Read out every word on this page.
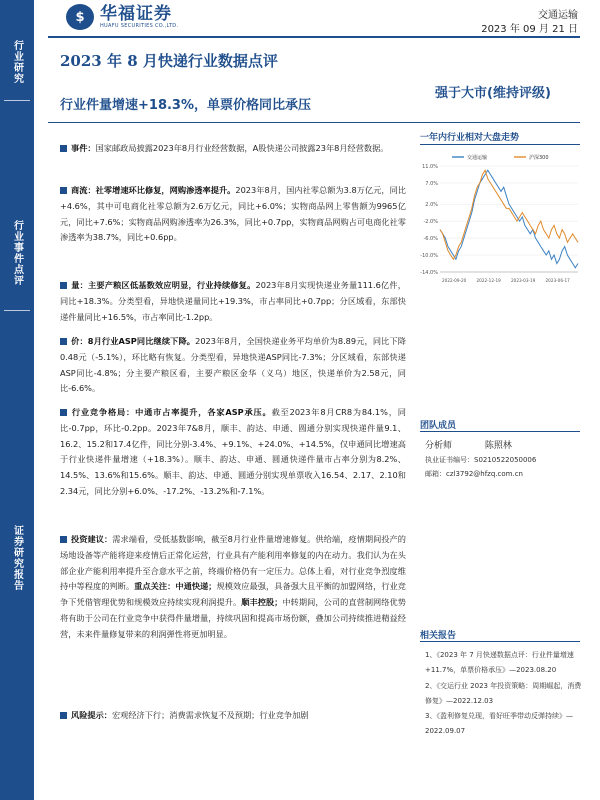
行业研究
行业事件点评
证券研究报告
$ 华福证券
HUAFU SECURITIES CO.,LTD.
交通运输
2023 年 09 月 21 日
2023 年 8 月快递行业数据点评
强于大市(维持评级)
行业件量增速+18.3%，单票价格同比承压
一年内行业相对大盘走势
11.0%
7.0%
2.0%
-2.0%
-6.0%
-10.0%
-14.0%
2022-09-20 2022-12-19 2023-03-19 2023-06-17
交通运输	沪深300
团队成员
分析师	陈照林
执业证书编号：S0210522050006
邮箱：czl3792@hfzq.com.cn
相关报告
1、《2023 年 7 月快递数据点评：行业件量增速+11.7%，单票价格承压》—2023.08.20
2、《交运行业 2023 年投资策略：周期崛起，消费修复》—2022.12.03
3、《盈利修复兑现，看好旺季带动反弹持续》—2022.09.07
事件：国家邮政局披露2023年8月行业经营数据，A股快递公司披露23年8月经营数据。
商流：社零增速环比修复，网购渗透率提升。2023年8月，国内社零总额为3.8万亿元，同比+4.6%，其中可电商化社零总额为2.6万亿元，同比+6.0%；实物商品网上零售额为9965亿元，同比+7.6%；实物商品网购渗透率为26.3%，同比+0.7pp，实物商品网购占可电商化社零渗透率为38.7%，同比+0.6pp。
量：主要产粮区低基数效应明显，行业持续修复。2023年8月实现快递业务量111.6亿件，同比+18.3%。分类型看，异地快递量同比+19.3%，市占率同比+0.7pp；分区域看，东部快递件量同比+16.5%，市占率同比-1.2pp。
价：8月行业ASP同比继续下降。2023年8月，全国快递业务平均单价为8.89元，同比下降0.48元（-5.1%），环比略有恢复。分类型看，异地快递ASP同比-7.3%；分区域看，东部快递ASP同比-4.8%；分主要产粮区看，主要产粮区金华（义乌）地区，快递单价为2.58元，同比-6.6%。
行业竞争格局：中通市占率提升，各家ASP承压。截至2023年8月CR8为84.1%，同比-0.7pp，环比-0.2pp。2023年7&8月，顺丰、韵达、申通、圆通分别实现快递件量9.1、16.2、15.2和17.4亿件，同比分别-3.4%、+9.1%、+24.0%、+14.5%，仅申通同比增速高于行业快递件量增速（+18.3%）。顺丰、韵达、申通、圆通快递件量市占率分别为8.2%、14.5%、13.6%和15.6%。顺丰、韵达、申通、圆通分别实现单票收入16.54、2.17、2.10和2.34元，同比分别+6.0%、-17.2%、-13.2%和-7.1%。
投资建议：需求端看，受低基数影响，截至8月行业件量增速修复。供给端，疫情期间投产的场地设备等产能将迎来疫情后正常化运营，行业具有产能利用率修复的内在动力。我们认为在头部企业产能利用率提升至合意水平之前，终端价格仍有一定压力。总体上看，对行业竞争烈度维持中等程度的判断。重点关注：中通快递；规模效应最强，具备强大且平衡的加盟网络，行业竞争下凭借管理优势和规模效应持续实现利润提升。顺丰控股；中转期间，公司的直营制网络优势将有助于公司在行业竞争中获得件量增量，持续巩固和提高市场份额，叠加公司持续推进精益经营，未来件量修复带来的利润弹性将更加明显。
风险提示：宏观经济下行；消费需求恢复不及预期；行业竞争加剧
